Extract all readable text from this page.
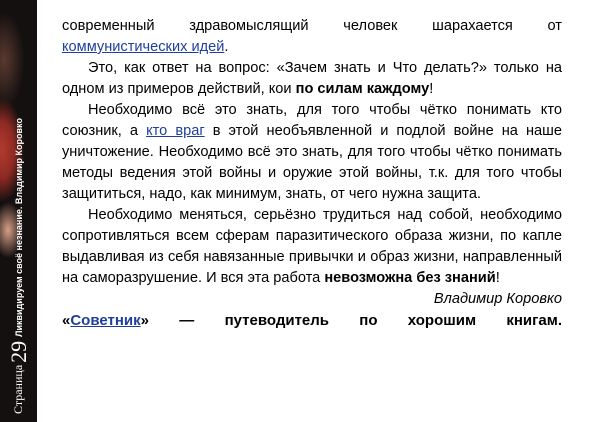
Страница
29
Ликвидируем своё незнание. Владимир Коровко

современный здравомыслящий человек шарахается от коммунистических идей.

Это, как ответ на вопрос: «Зачем знать и Что делать?» только на одном из примеров действий, кои по силам каждому!

Необходимо всё это знать, для того чтобы чётко понимать кто союзник, а кто враг в этой необъявленной и подлой войне на наше уничтожение. Необходимо всё это знать, для того чтобы чётко понимать методы ведения этой войны и оружие этой войны, т.к. для того чтобы защититься, надо, как минимум, знать, от чего нужна защита.

Необходимо меняться, серьёзно трудиться над собой, необходимо сопротивляться всем сферам паразитического образа жизни, по капле выдавливая из себя навязанные привычки и образ жизни, направленный на саморазрушение. И вся эта работа невозможна без знаний!

Владимир Коровко

«Советник» — путеводитель по хорошим книгам.
